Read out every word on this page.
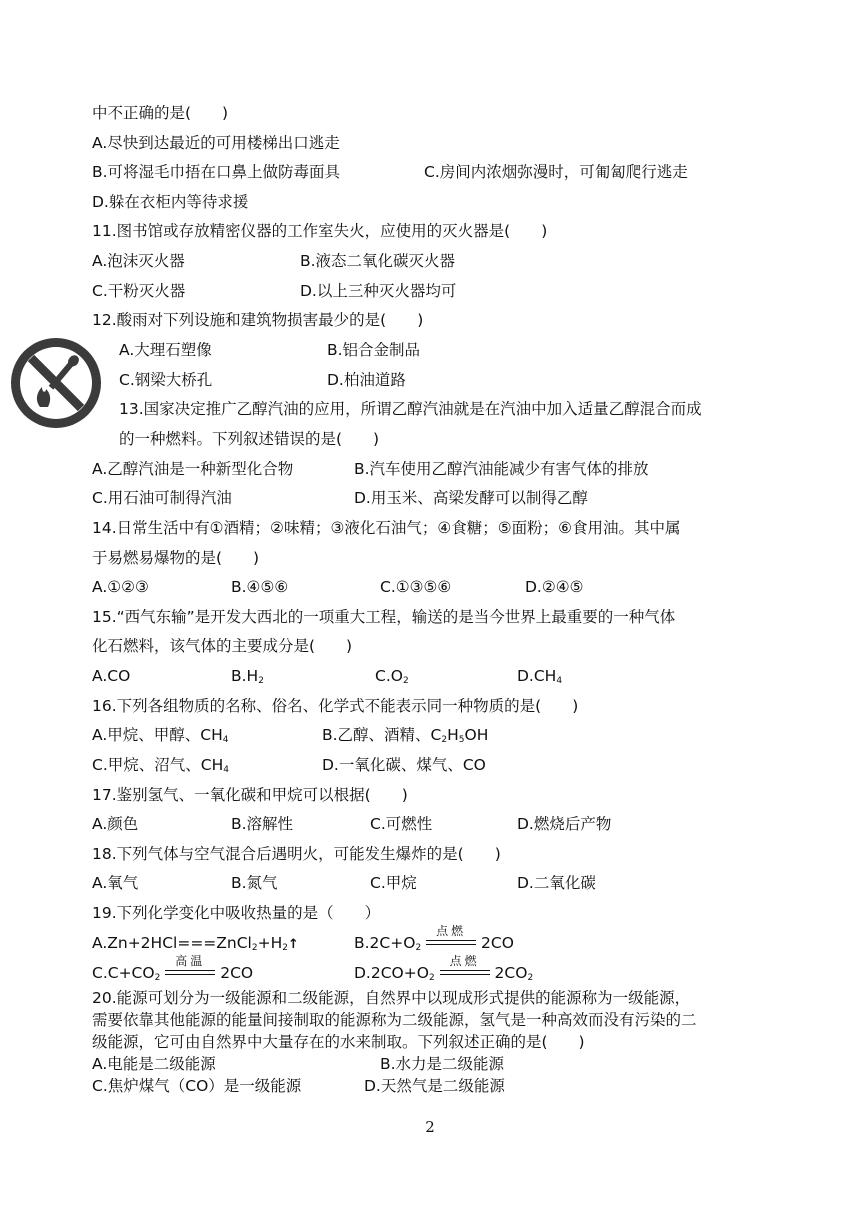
中不正确的是(　　)
A.尽快到达最近的可用楼梯出口逃走
B.可将湿毛巾捂在口鼻上做防毒面具	C.房间内浓烟弥漫时，可匍匐爬行逃走
D.躲在衣柜内等待求援
11.图书馆或存放精密仪器的工作室失火，应使用的灭火器是(　　)
A.泡沫灭火器	B.液态二氧化碳灭火器
C.干粉灭火器	D.以上三种灭火器均可
12.酸雨对下列设施和建筑物损害最少的是(　　)
A.大理石塑像	B.铝合金制品
C.钢梁大桥孔	D.柏油道路
13.国家决定推广乙醇汽油的应用，所谓乙醇汽油就是在汽油中加入适量乙醇混合而成
的一种燃料。下列叙述错误的是(　　)
A.乙醇汽油是一种新型化合物	B.汽车使用乙醇汽油能减少有害气体的排放
C.用石油可制得汽油	D.用玉米、高梁发酵可以制得乙醇
14.日常生活中有①酒精；②味精；③液化石油气；④食糖；⑤面粉；⑥食用油。其中属
于易燃易爆物的是(　　)
A.①②③	B.④⑤⑥	C.①③⑤⑥	D.②④⑤
15.“西气东输”是开发大西北的一项重大工程，输送的是当今世界上最重要的一种气体
化石燃料，该气体的主要成分是(　　)
A.CO	$B.H_2$	$C.O_2$	$D.CH_4$
16.下列各组物质的名称、俗名、化学式不能表示同一种物质的是(　　)
A.甲烷、甲醇、$CH_4$	B.乙醇、酒精、$C_2H_5OH$
C.甲烷、沼气、$CH_4$	D.一氧化碳、煤气、CO
17.鉴别氢气、一氧化碳和甲烷可以根据(　　)
A.颜色	B.溶解性	C.可燃性	D.燃烧后产物
18.下列气体与空气混合后遇明火，可能发生爆炸的是(　　)
A.氧气	B.氮气	C.甲烷	D.二氧化碳
19.下列化学变化中吸收热量的是（　　）
$A.Zn+2HCl===ZnCl_2+H_2↑$	$B.2C+O_2$
点燃
2CO
$C.C+CO_2$
高温
2CO	$D.2CO+O_2$
点燃
$2CO_2$
20.能源可划分为一级能源和二级能源，自然界中以现成形式提供的能源称为一级能源，
需要依靠其他能源的能量间接制取的能源称为二级能源，氢气是一种高效而没有污染的二
级能源，它可由自然界中大量存在的水来制取。下列叙述正确的是(　　)
A.电能是二级能源	B.水力是二级能源
C.焦炉煤气（CO）是一级能源	D.天然气是二级能源
2
